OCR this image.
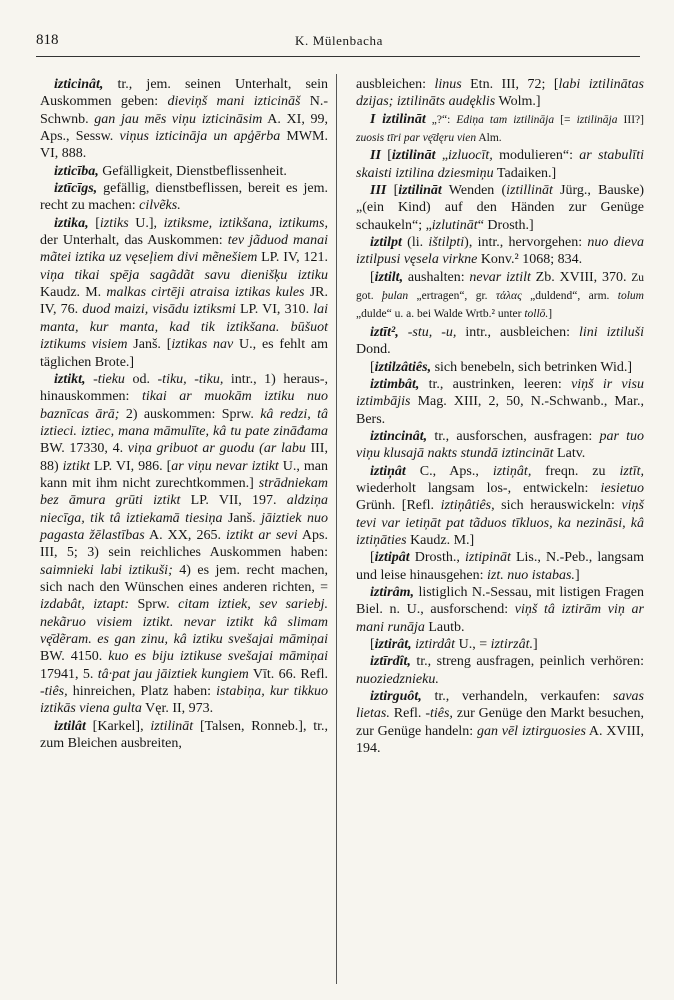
818	K. Mülenbacha

izticinât, tr., jem. seinen Unterhalt, sein Auskommen geben: dieviņš mani izticināš N.-Schwnb. gan jau mēs viņu izticināsim A. XI, 99, Aps., Sessw. viņus izticināja un apģērba MWM. VI, 888.

izticība, Gefälligkeit, Dienstbeflissenheit.

iztīcīgs, gefällig, dienstbeflissen, bereit es jem. recht zu machen: cilvẽks.

iztika, [iztiks U.], iztiksme, iztikšana, iztikums, der Unterhalt, das Auskommen: tev jãduod manai mãtei iztika uz vęseļiem divi mẽnešiem LP. IV, 121. viņa tikai spēja sagãdãt savu dienišķu iztiku Kaudz. M. malkas cirtēji atraisa iztikas kules JR. IV, 76. duod maizi, visādu iztiksmi LP. VI, 310. lai manta, kur manta, kad tik iztikšana. būšuot iztikums visiem Janš. [iztikas nav U., es fehlt am täglichen Brote.]

iztikt, -tieku od. -tiku, -tiku, intr., 1) heraus-, hinauskommen: tikai ar muokām iztiku nuo baznīcas ārā; 2) auskommen: Sprw. kâ redzi, tâ iztieci. iztiec, mana māmulīte, kâ tu pate zināđama BW. 17330, 4. viņa gribuot ar guodu (ar labu III, 88) iztikt LP. VI, 986. [ar viņu nevar iztikt U., man kann mit ihm nicht zurechtkommen.] strādniekam bez āmura grūti iztikt LP. VII, 197. aldziņa niecīga, tik tâ iztiekamā tiesiņa Janš. jāiztiek nuo pagasta žēlastības A. XX, 265. iztikt ar sevi Aps. III, 5; 3) sein reichliches Auskommen haben: saimnieki labi iztikuši; 4) es jem. recht machen, sich nach den Wünschen eines anderen richten, = izdabât, iztapt: Sprw. citam iztiek, sev sariebj. nekãruo visiem iztikt. nevar iztikt kâ slimam vę̄dẽram. es gan zinu, kâ iztiku svešajai māmiņai BW. 4150. kuo es biju iztikuse svešajai māmiņai 17941, 5. tâ·pat jau jāiztiek kungiem Vīt. 66. Refl. -tiês, hinreichen, Platz haben: istabiņa, kur tikkuo iztikās viena gulta Vęr. II, 973.

iztilât [Karkel], iztilināt [Talsen, Ronneb.], tr., zum Bleichen ausbreiten,

ausbleichen: linus Etn. III, 72; [labi iztilinātas dzijas; iztilināts audęklis Wolm.]

I iztilināt „?“: Ediņa tam iztilināja [= iztilināja III?] zuosis tīri par vę̄dęru vien Alm.

II [iztilināt „izluocīt, modulieren“: ar stabulīti skaisti iztilina dziesmiņu Tadaiken.]

III [iztilināt Wenden (iztillināt Jürg., Bauske) „(ein Kind) auf den Händen zur Genüge schaukeln“; „izlutināt“ Drosth.]

iztilpt (li. ištilpti), intr., hervorgehen: nuo dieva iztilpusi vęsela virkne Konv.² 1068; 834.

[iztilt, aushalten: nevar iztilt Zb. XVIII, 370. Zu got. þulan „ertragen“, gr. τάλας „duldend“, arm. tolum „dulde“ u. a. bei Walde Wrtb.² unter tollō.]

iztīt², -stu, -u, intr., ausbleichen: lini iztiluši Dond.

[iztilzâtiês, sich benebeln, sich betrinken Wid.]

iztimbât, tr., austrinken, leeren: viņš ir visu iztimbājis Mag. XIII, 2, 50, N.-Schwanb., Mar., Bers.

iztincinât, tr., ausforschen, ausfragen: par tuo viņu klusajā nakts stundā iztincināt Latv.

iztiņât C., Aps., iztiņât, freqn. zu iztīt, wiederholt langsam los-, entwickeln: iesietuo Grünh. [Refl. iztiņâtiês, sich herauswickeln: viņš tevi var ietiņāt pat tãduos tīkluos, ka nezināsi, kâ iztiņāties Kaudz. M.]

[iztipât Drosth., iztipināt Lis., N.-Peb., langsam und leise hinausgehen: izt. nuo istabas.]

iztirâm, listiglich N.-Sessau, mit listigen Fragen Biel. n. U., ausforschend: viņš tâ iztirām viņ ar mani runāja Lautb.

[iztirât, iztirdât U., = iztirzât.]

iztīrdît, tr., streng ausfragen, peinlich verhören: nuoziedznieku.

iztirguôt, tr., verhandeln, verkaufen: savas lietas. Refl. -tiês, zur Genüge den Markt besuchen, zur Genüge handeln: gan vēl iztirguosies A. XVIII, 194.
